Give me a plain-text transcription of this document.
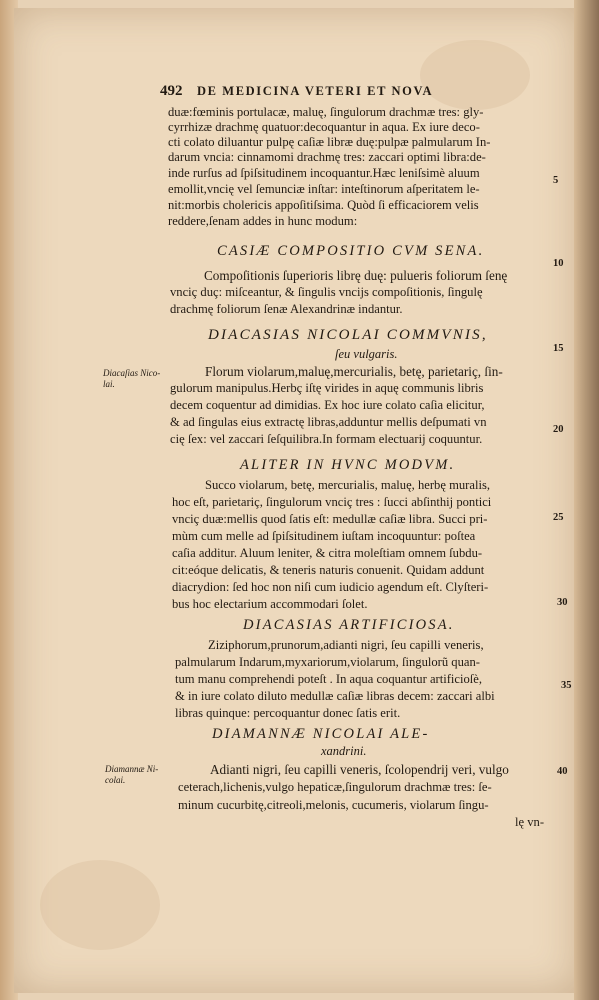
492 DE MEDICINA VETERI ET NOVA
duæ:fœminis portulacæ, maluę, ſingulorum drachmæ tres: gly-
cyrrhizæ drachmę quatuor:decoquantur in aqua. Ex iure deco-
cti colato diluantur pulpę caſiæ libræ duę:pulpæ palmularum In-
darum vncia: cinnamomi drachmę tres: zaccari optimi libra:de-
inde rurſus ad ſpiſsitudinem incoquantur.Hæc leniſsimè aluum
emollit,vncię vel ſemunciæ inſtar: inteſtinorum aſperitatem le-
nit:morbis cholericis appoſitiſsima. Quòd ſi efficaciorem velis
reddere,ſenam addes in hunc modum:
CASIÆ COMPOSITIO CVM SENA.
Compoſitionis ſuperioris librę duę: pulueris foliorum ſenę
vnciç duç: miſceantur, & ſingulis vncijs compoſitionis, ſingulę
drachmę foliorum ſenæ Alexandrinæ indantur.
DIACASIAS NICOLAI COMMVNIS,
ſeu vulgaris.
Diacaſias Nico-
lai.
Florum violarum,maluę,mercurialis, betę, parietariç, ſin-
gulorum manipulus.Herbç iſtę virides in aquę communis libris
decem coquentur ad dimidias. Ex hoc iure colato caſia elicitur,
& ad ſingulas eius extractę libras,adduntur mellis deſpumati vn
cię ſex: vel zaccari ſeſquilibra.In formam electuarij coquuntur.
ALITER IN HVNC MODVM.
Succo violarum, betę, mercurialis, maluę, herbę muralis,
hoc eſt, parietariç, ſingulorum vnciç tres : ſucci abſinthij pontici
vnciç duæ:mellis quod ſatis eſt: medullæ caſiæ libra. Succi pri-
mùm cum melle ad ſpiſsitudinem iuſtam incoquuntur: poſtea
caſia additur. Aluum leniter, & citra moleſtiam omnem ſubdu-
cit:eóque delicatis, & teneris naturis conuenit. Quidam addunt
diacrydion: ſed hoc non niſi cum iudicio agendum eſt. Clyſteri-
bus hoc electarium accommodari ſolet.
DIACASIAS ARTIFICIOSA.
Ziziphorum,prunorum,adianti nigri, ſeu capilli veneris,
palmularum Indarum,myxariorum,violarum, ſingulorũ quan-
tum manu comprehendi poteſt . In aqua coquantur artificioſè,
& in iure colato diluto medullæ caſiæ libras decem: zaccari albi
libras quinque: percoquantur donec ſatis erit.
DIAMANNÆ NICOLAI ALE-
xandrini.
Diamannæ Ni-
colai.
Adianti nigri, ſeu capilli veneris, ſcolopendrij veri, vulgo
ceterach,lichenis,vulgo hepaticæ,ſingulorum drachmæ tres: ſe-
minum cucurbitę,citreoli,melonis, cucumeris, violarum ſingu-
lę vn-
5
10
15
20
25
30
35
40
